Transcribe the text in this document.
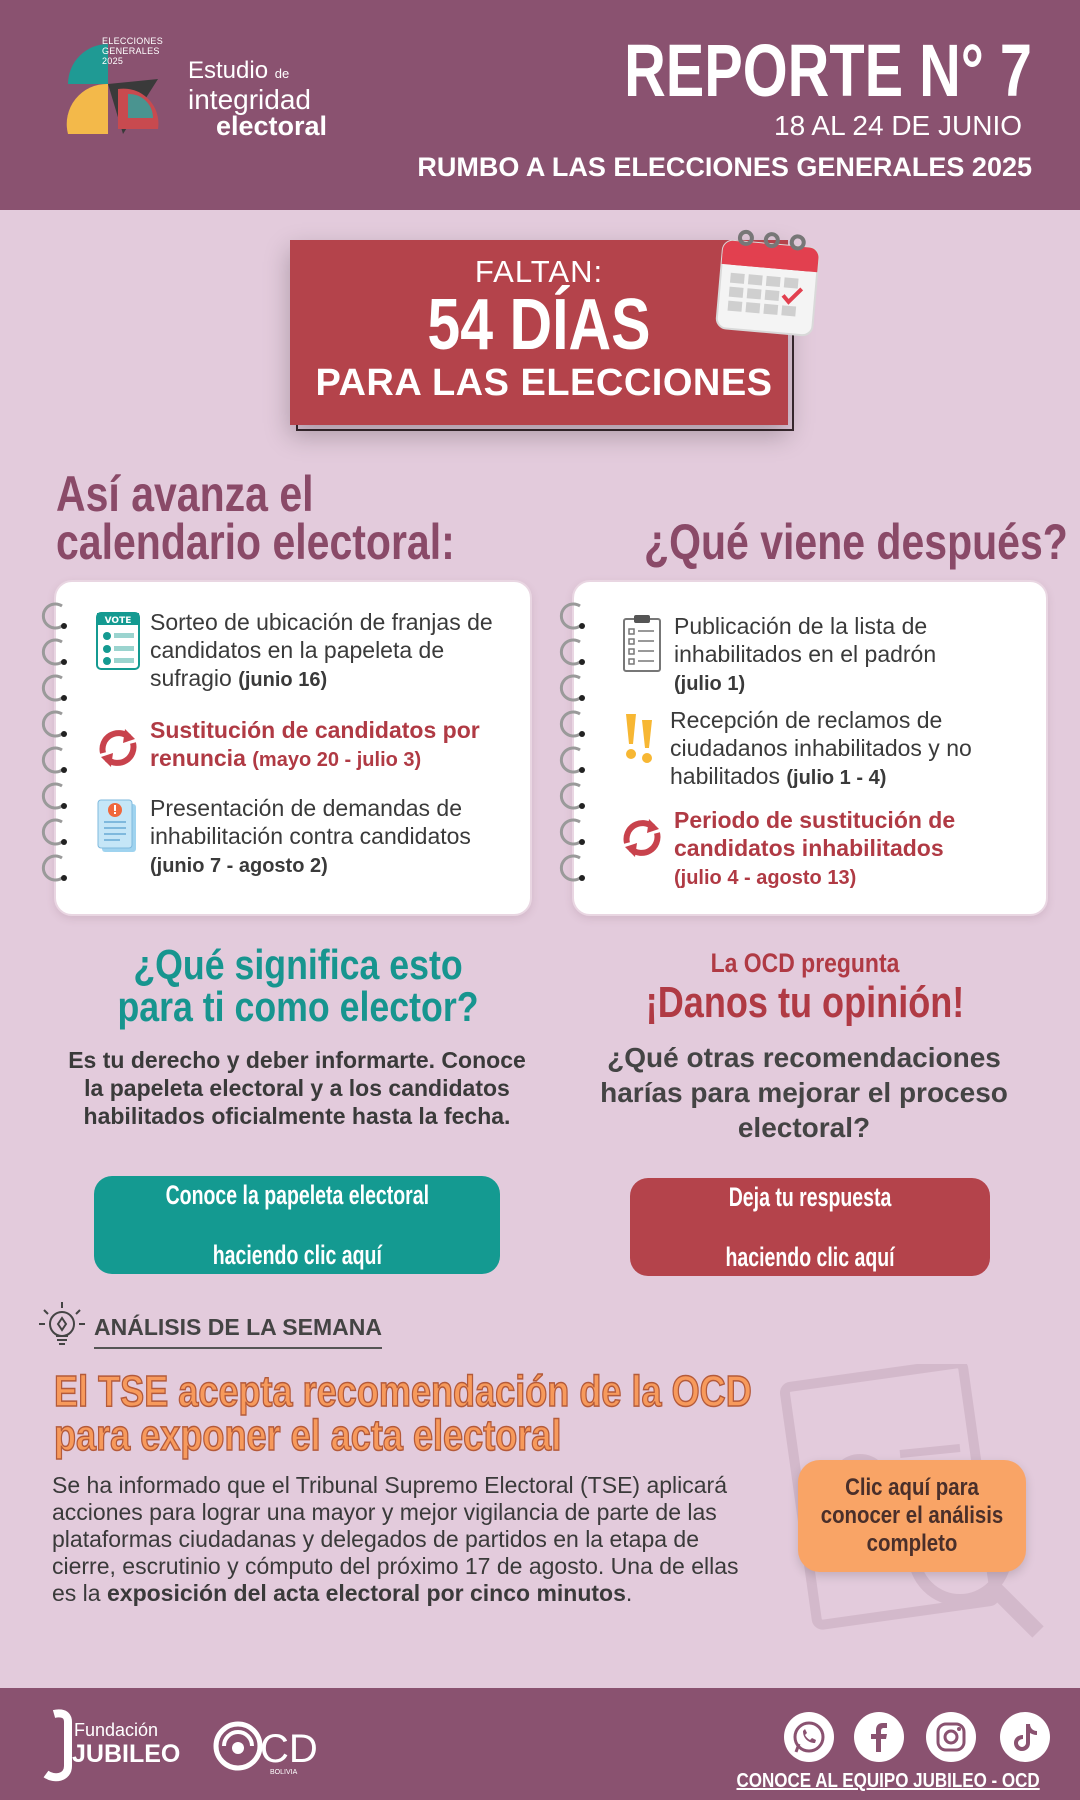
ELECCIONES GENERALES 2025	Estudio de
integridad
electoral
REPORTE N° 7
18 AL 24 DE JUNIO
RUMBO A LAS ELECCIONES GENERALES 2025
FALTAN:
54 DÍAS
PARA LAS ELECCIONES
Así avanza el
calendario electoral:	¿Qué viene después?
VOTE Sorteo de ubicación de franjas de candidatos en la papeleta de sufragio (junio 16)
Sustitución de candidatos por renuncia (mayo 20 - julio 3)
Presentación de demandas de inhabilitación contra candidatos (junio 7 - agosto 2)
Publicación de la lista de inhabilitados en el padrón
(julio 1)
Recepción de reclamos de ciudadanos inhabilitados y no habilitados (julio 1 - 4)
Periodo de sustitución de candidatos inhabilitados
(julio 4 - agosto 13)
¿Qué significa esto
para ti como elector?
Es tu derecho y deber informarte. Conoce la papeleta electoral y a los candidatos habilitados oficialmente hasta la fecha.
Conoce la papeleta electoral

haciendo clic aquí
La OCD pregunta
¡Danos tu opinión!
¿Qué otras recomendaciones harías para mejorar el proceso electoral?
Deja tu respuesta

haciendo clic aquí
ANÁLISIS DE LA SEMANA
El TSE acepta recomendación de la OCD
para exponer el acta electoral
Se ha informado que el Tribunal Supremo Electoral (TSE) aplicará acciones para lograr una mayor y mejor vigilancia de parte de las plataformas ciudadanas y delegados de partidos en la etapa de cierre, escrutinio y cómputo del próximo 17 de agosto. Una de ellas es la exposición del acta electoral por cinco minutos.
Clic aquí para conocer el análisis completo
Fundación
JUBILEO CD
BOLIVIA	CONOCE AL EQUIPO JUBILEO - OCD
